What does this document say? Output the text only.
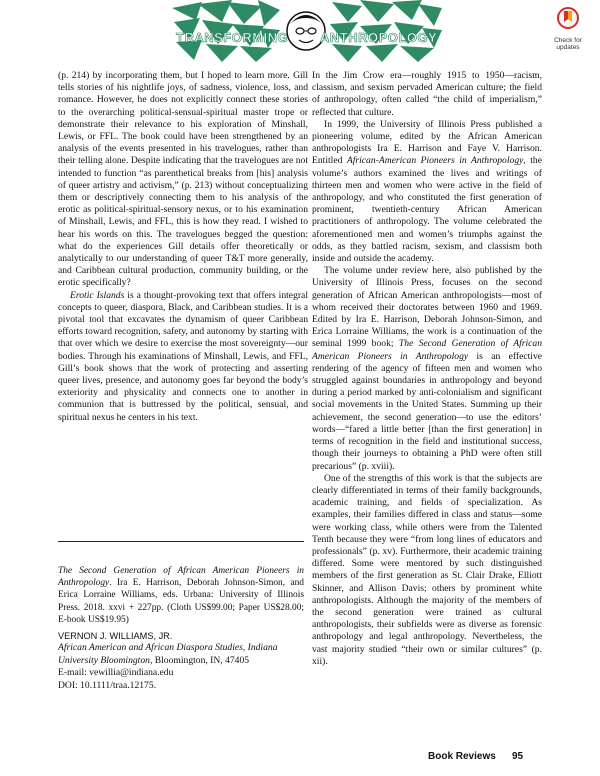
TRANSFORMING ANTHROPOLOGY	Check for
updates

(p. 214) by incorporating them, but I hoped to learn more. Gill tells stories of his nightlife joys, of sadness, violence, loss, and romance. However, he does not explicitly connect these stories to the overarching political-sensual-spiritual master trope or demonstrate their relevance to his exploration of Minshall, Lewis, or FFL. The book could have been strengthened by an analysis of the events presented in his travelogues, rather than their telling alone. Despite indicating that the travelogues are not intended to function “as parenthetical breaks from [his] analysis of queer artistry and activism,” (p. 213) without conceptualizing them or descriptively connecting them to his analysis of the erotic as political-spiritual-sensory nexus, or to his examination of Minshall, Lewis, and FFL, this is how they read. I wished to hear his words on this. The travelogues begged the question: what do the experiences Gill details offer theoretically or analytically to our understanding of queer T&T more generally, and Caribbean cultural production, community building, or the erotic specifically?

Erotic Islands is a thought-provoking text that offers integral concepts to queer, diaspora, Black, and Caribbean studies. It is a pivotal tool that excavates the dynamism of queer Caribbean efforts toward recognition, safety, and autonomy by starting with that over which we desire to exercise the most sovereignty—our bodies. Through his examinations of Minshall, Lewis, and FFL, Gill’s book shows that the work of protecting and asserting queer lives, presence, and autonomy goes far beyond the body’s exteriority and physicality and connects one to another in communion that is buttressed by the political, sensual, and spiritual nexus he centers in his text.

The Second Generation of African American Pioneers in Anthropology. Ira E. Harrison, Deborah Johnson-Simon, and Erica Lorraine Williams, eds. Urbana: University of Illinois Press. 2018. xxvi + 227pp. (Cloth US$99.00; Paper US$28.00; E-book US$19.95)
VERNON J. WILLIAMS, JR.
African American and African Diaspora Studies, Indiana University Bloomington, Bloomington, IN, 47405
E-mail: vewillia@indiana.edu
DOI: 10.1111/traa.12175.

In the Jim Crow era—roughly 1915 to 1950—racism, classism, and sexism pervaded American culture; the field of anthropology, often called “the child of imperialism,” reflected that culture.

In 1999, the University of Illinois Press published a pioneering volume, edited by the African American anthropologists Ira E. Harrison and Faye V. Harrison. Entitled African-American Pioneers in Anthropology, the volume’s authors examined the lives and writings of thirteen men and women who were active in the field of anthropology, and who constituted the first generation of prominent, twentieth-century African American practitioners of anthropology. The volume celebrated the aforementioned men and women’s triumphs against the odds, as they battled racism, sexism, and classism both inside and outside the academy.

The volume under review here, also published by the University of Illinois Press, focuses on the second generation of African American anthropologists—most of whom received their doctorates between 1960 and 1969. Edited by Ira E. Harrison, Deborah Johnson-Simon, and Erica Lorraine Williams, the work is a continuation of the seminal 1999 book; The Second Generation of African American Pioneers in Anthropology is an effective rendering of the agency of fifteen men and women who struggled against boundaries in anthropology and beyond during a period marked by anti-colonialism and significant social movements in the United States. Summing up their achievement, the second generation—to use the editors’ words—“fared a little better [than the first generation] in terms of recognition in the field and institutional success, though their journeys to obtaining a PhD were often still precarious” (p. xviii).

One of the strengths of this work is that the subjects are clearly differentiated in terms of their family backgrounds, academic training, and fields of specialization. As examples, their families differed in class and status—some were working class, while others were from the Talented Tenth because they were “from long lines of educators and professionals” (p. xv). Furthermore, their academic training differed. Some were mentored by such distinguished members of the first generation as St. Clair Drake, Elliott Skinner, and Allison Davis; others by prominent white anthropologists. Although the majority of the members of the second generation were trained as cultural anthropologists, their subfields were as diverse as forensic anthropology and legal anthropology. Nevertheless, the vast majority studied “their own or similar cultures” (p. xii).

Book Reviews 95
